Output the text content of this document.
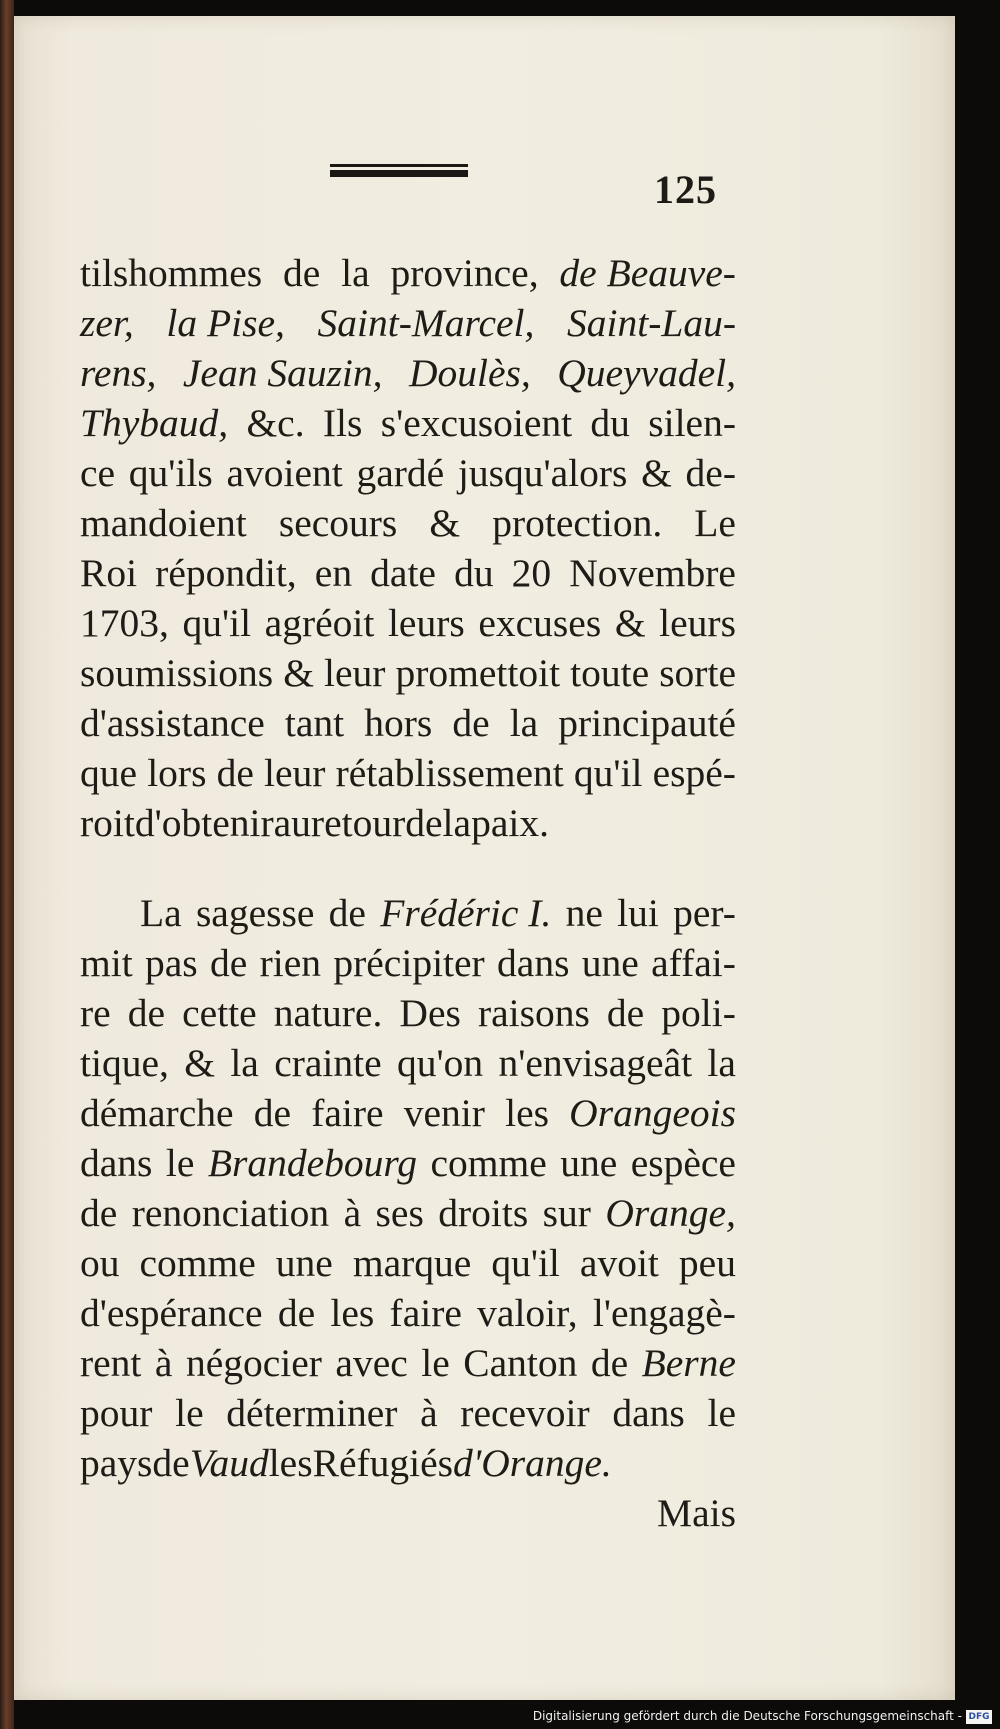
125
tilshommes de la province, de Beauve-
zer, la Pise, Saint-Marcel, Saint-Lau-
rens, Jean Sauzin, Doulès, Queyvadel,
Thybaud, &c. Ils s'excusoient du silen-
ce qu'ils avoient gardé jusqu'alors & de-
mandoient secours & protection. Le
Roi répondit, en date du 20 Novembre
1703, qu'il agréoit leurs excuses & leurs
soumissions & leur promettoit toute sorte
d'assistance tant hors de la principauté
que lors de leur rétablissement qu'il espé-
roit d'obtenir au retour de la paix.
La sagesse de Frédéric I. ne lui per-
mit pas de rien précipiter dans une affai-
re de cette nature. Des raisons de poli-
tique, & la crainte qu'on n'envisageât la
démarche de faire venir les Orangeois
dans le Brandebourg comme une espèce
de renonciation à ses droits sur Orange,
ou comme une marque qu'il avoit peu
d'espérance de les faire valoir, l'engagè-
rent à négocier avec le Canton de Berne
pour le déterminer à recevoir dans le
pays de Vaud les Réfugiés d'Orange.
Mais
Digitalisierung gefördert durch die Deutsche Forschungsgemeinschaft - DFG
